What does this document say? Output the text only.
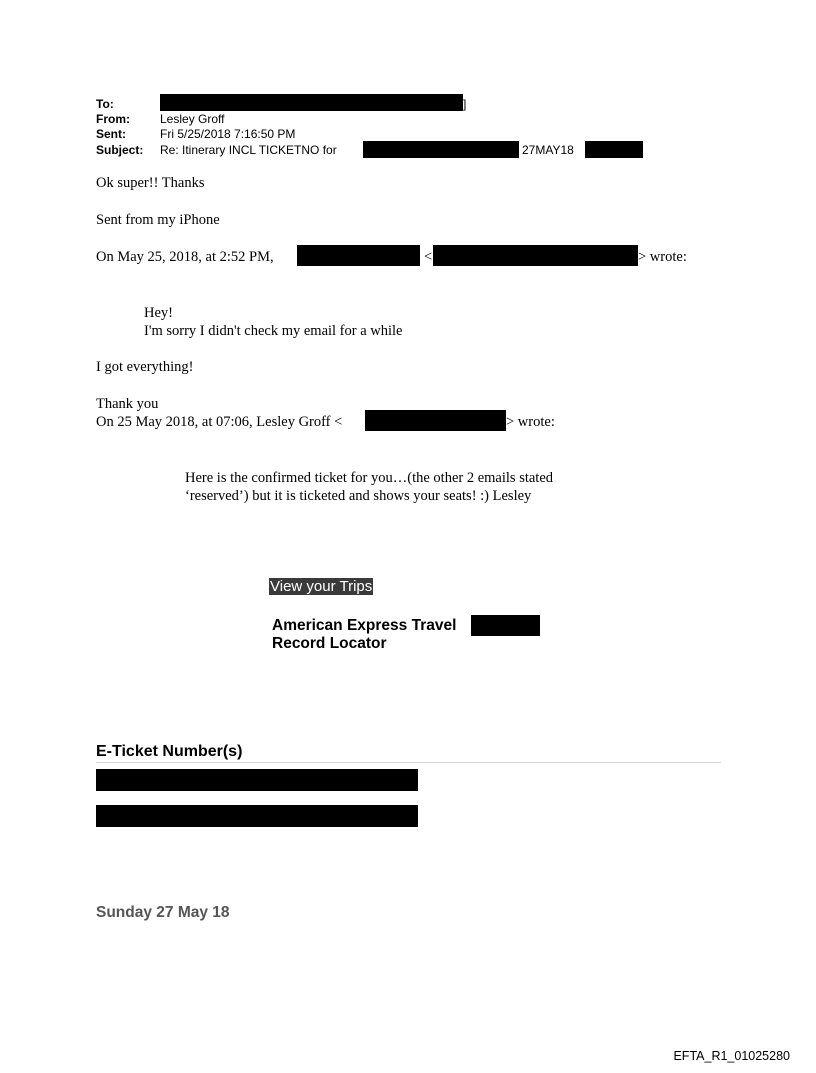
To:	]
From:	Lesley Groff
Sent:	Fri 5/25/2018 7:16:50 PM
Subject: Re: Itinerary INCL TICKETNO for	27MAY18
Ok super!! Thanks
Sent from my iPhone
On May 25, 2018, at 2:52 PM,	<	> wrote:
Hey!
I'm sorry I didn't check my email for a while
I got everything!
Thank you
On 25 May 2018, at 07:06, Lesley Groff <	> wrote:
Here is the confirmed ticket for you…(the other 2 emails stated
‘reserved’) but it is ticketed and shows your seats! :) Lesley
View your Trips
American Express Travel
Record Locator
E-Ticket Number(s)
Sunday 27 May 18
EFTA_R1_01025280
